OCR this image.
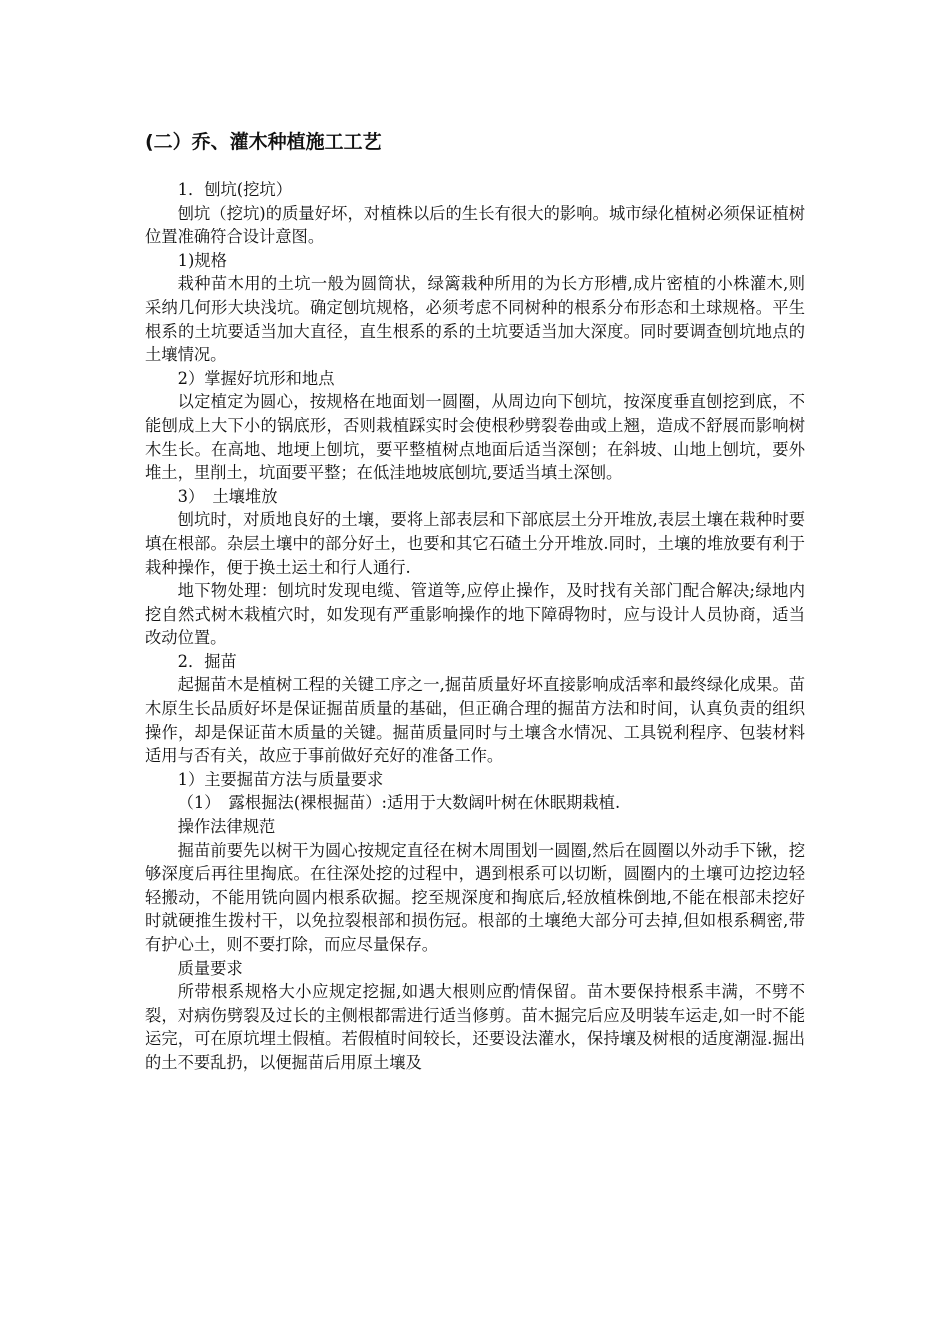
(二）乔、灌木种植施工工艺
1．刨坑(挖坑）
刨坑（挖坑)的质量好坏，对植株以后的生长有很大的影响。城市绿化植树必须保证植树位置准确符合设计意图。
1)规格
栽种苗木用的土坑一般为圆筒状，绿篱栽种所用的为长方形槽,成片密植的小株灌木,则采纳几何形大块浅坑。确定刨坑规格，必须考虑不同树种的根系分布形态和土球规格。平生根系的土坑要适当加大直径，直生根系的系的土坑要适当加大深度。同时要调查刨坑地点的土壤情况。
2）掌握好坑形和地点
以定植定为圆心，按规格在地面划一圆圈，从周边向下刨坑，按深度垂直刨挖到底，不能刨成上大下小的锅底形，否则栽植踩实时会使根秒劈裂卷曲或上翘，造成不舒展而影响树木生长。在高地、地埂上刨坑，要平整植树点地面后适当深刨；在斜坡、山地上刨坑，要外堆土，里削土，坑面要平整；在低洼地坡底刨坑,要适当填土深刨。
3）　土壤堆放
刨坑时，对质地良好的土壤，要将上部表层和下部底层土分开堆放,表层土壤在栽种时要填在根部。杂层土壤中的部分好土，也要和其它石碴土分开堆放.同时，土壤的堆放要有利于栽种操作，便于换土运土和行人通行.
地下物处理：刨坑时发现电缆、管道等,应停止操作，及时找有关部门配合解决;绿地内挖自然式树木栽植穴时，如发现有严重影响操作的地下障碍物时，应与设计人员协商，适当改动位置。
2．掘苗
起掘苗木是植树工程的关键工序之一,掘苗质量好坏直接影响成活率和最终绿化成果。苗木原生长品质好坏是保证掘苗质量的基础，但正确合理的掘苗方法和时间，认真负责的组织操作，却是保证苗木质量的关键。掘苗质量同时与土壤含水情况、工具锐利程序、包装材料适用与否有关，故应于事前做好充好的准备工作。
1）主要掘苗方法与质量要求
（1）　露根掘法(裸根掘苗）:适用于大数阔叶树在休眠期栽植.
操作法律规范
掘苗前要先以树干为圆心按规定直径在树木周围划一圆圈,然后在圆圈以外动手下锹，挖够深度后再往里掏底。在往深处挖的过程中，遇到根系可以切断，圆圈内的土壤可边挖边轻轻搬动，不能用铣向圆内根系砍掘。挖至规深度和掏底后,轻放植株倒地,不能在根部未挖好时就硬推生拨村干，以免拉裂根部和损伤冠。根部的土壤绝大部分可去掉,但如根系稠密,带有护心土，则不要打除，而应尽量保存。
质量要求
所带根系规格大小应规定挖掘,如遇大根则应酌情保留。苗木要保持根系丰满，不劈不裂，对病伤劈裂及过长的主侧根都需进行适当修剪。苗木掘完后应及明装车运走,如一时不能运完，可在原坑埋土假植。若假植时间较长，还要设法灌水，保持壤及树根的适度潮湿.掘出的土不要乱扔，以便掘苗后用原土壤及
